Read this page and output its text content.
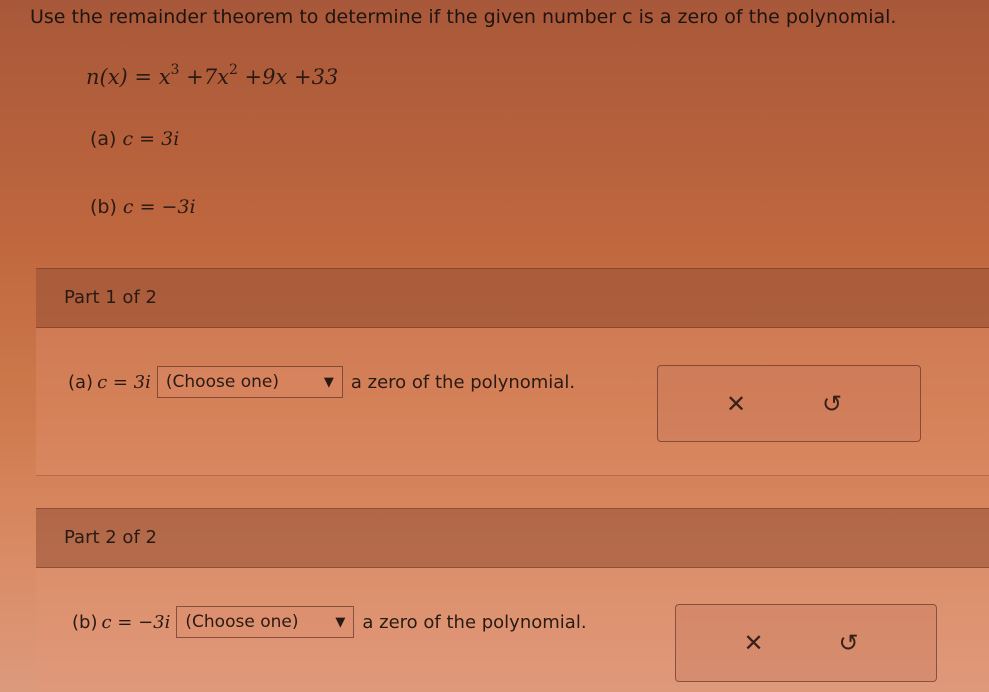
Use the remainder theorem to determine if the given number c is a zero of the polynomial.
$n(x) = x^3 +7x^2 +9x +33$
(a) c = 3i
(b) c = −3i
Part 1 of 2
(a) c = 3i (Choose one)	▼ a zero of the polynomial.
✕	↺
Part 2 of 2
(b) c = −3i (Choose one)	▼ a zero of the polynomial.
✕	↺
